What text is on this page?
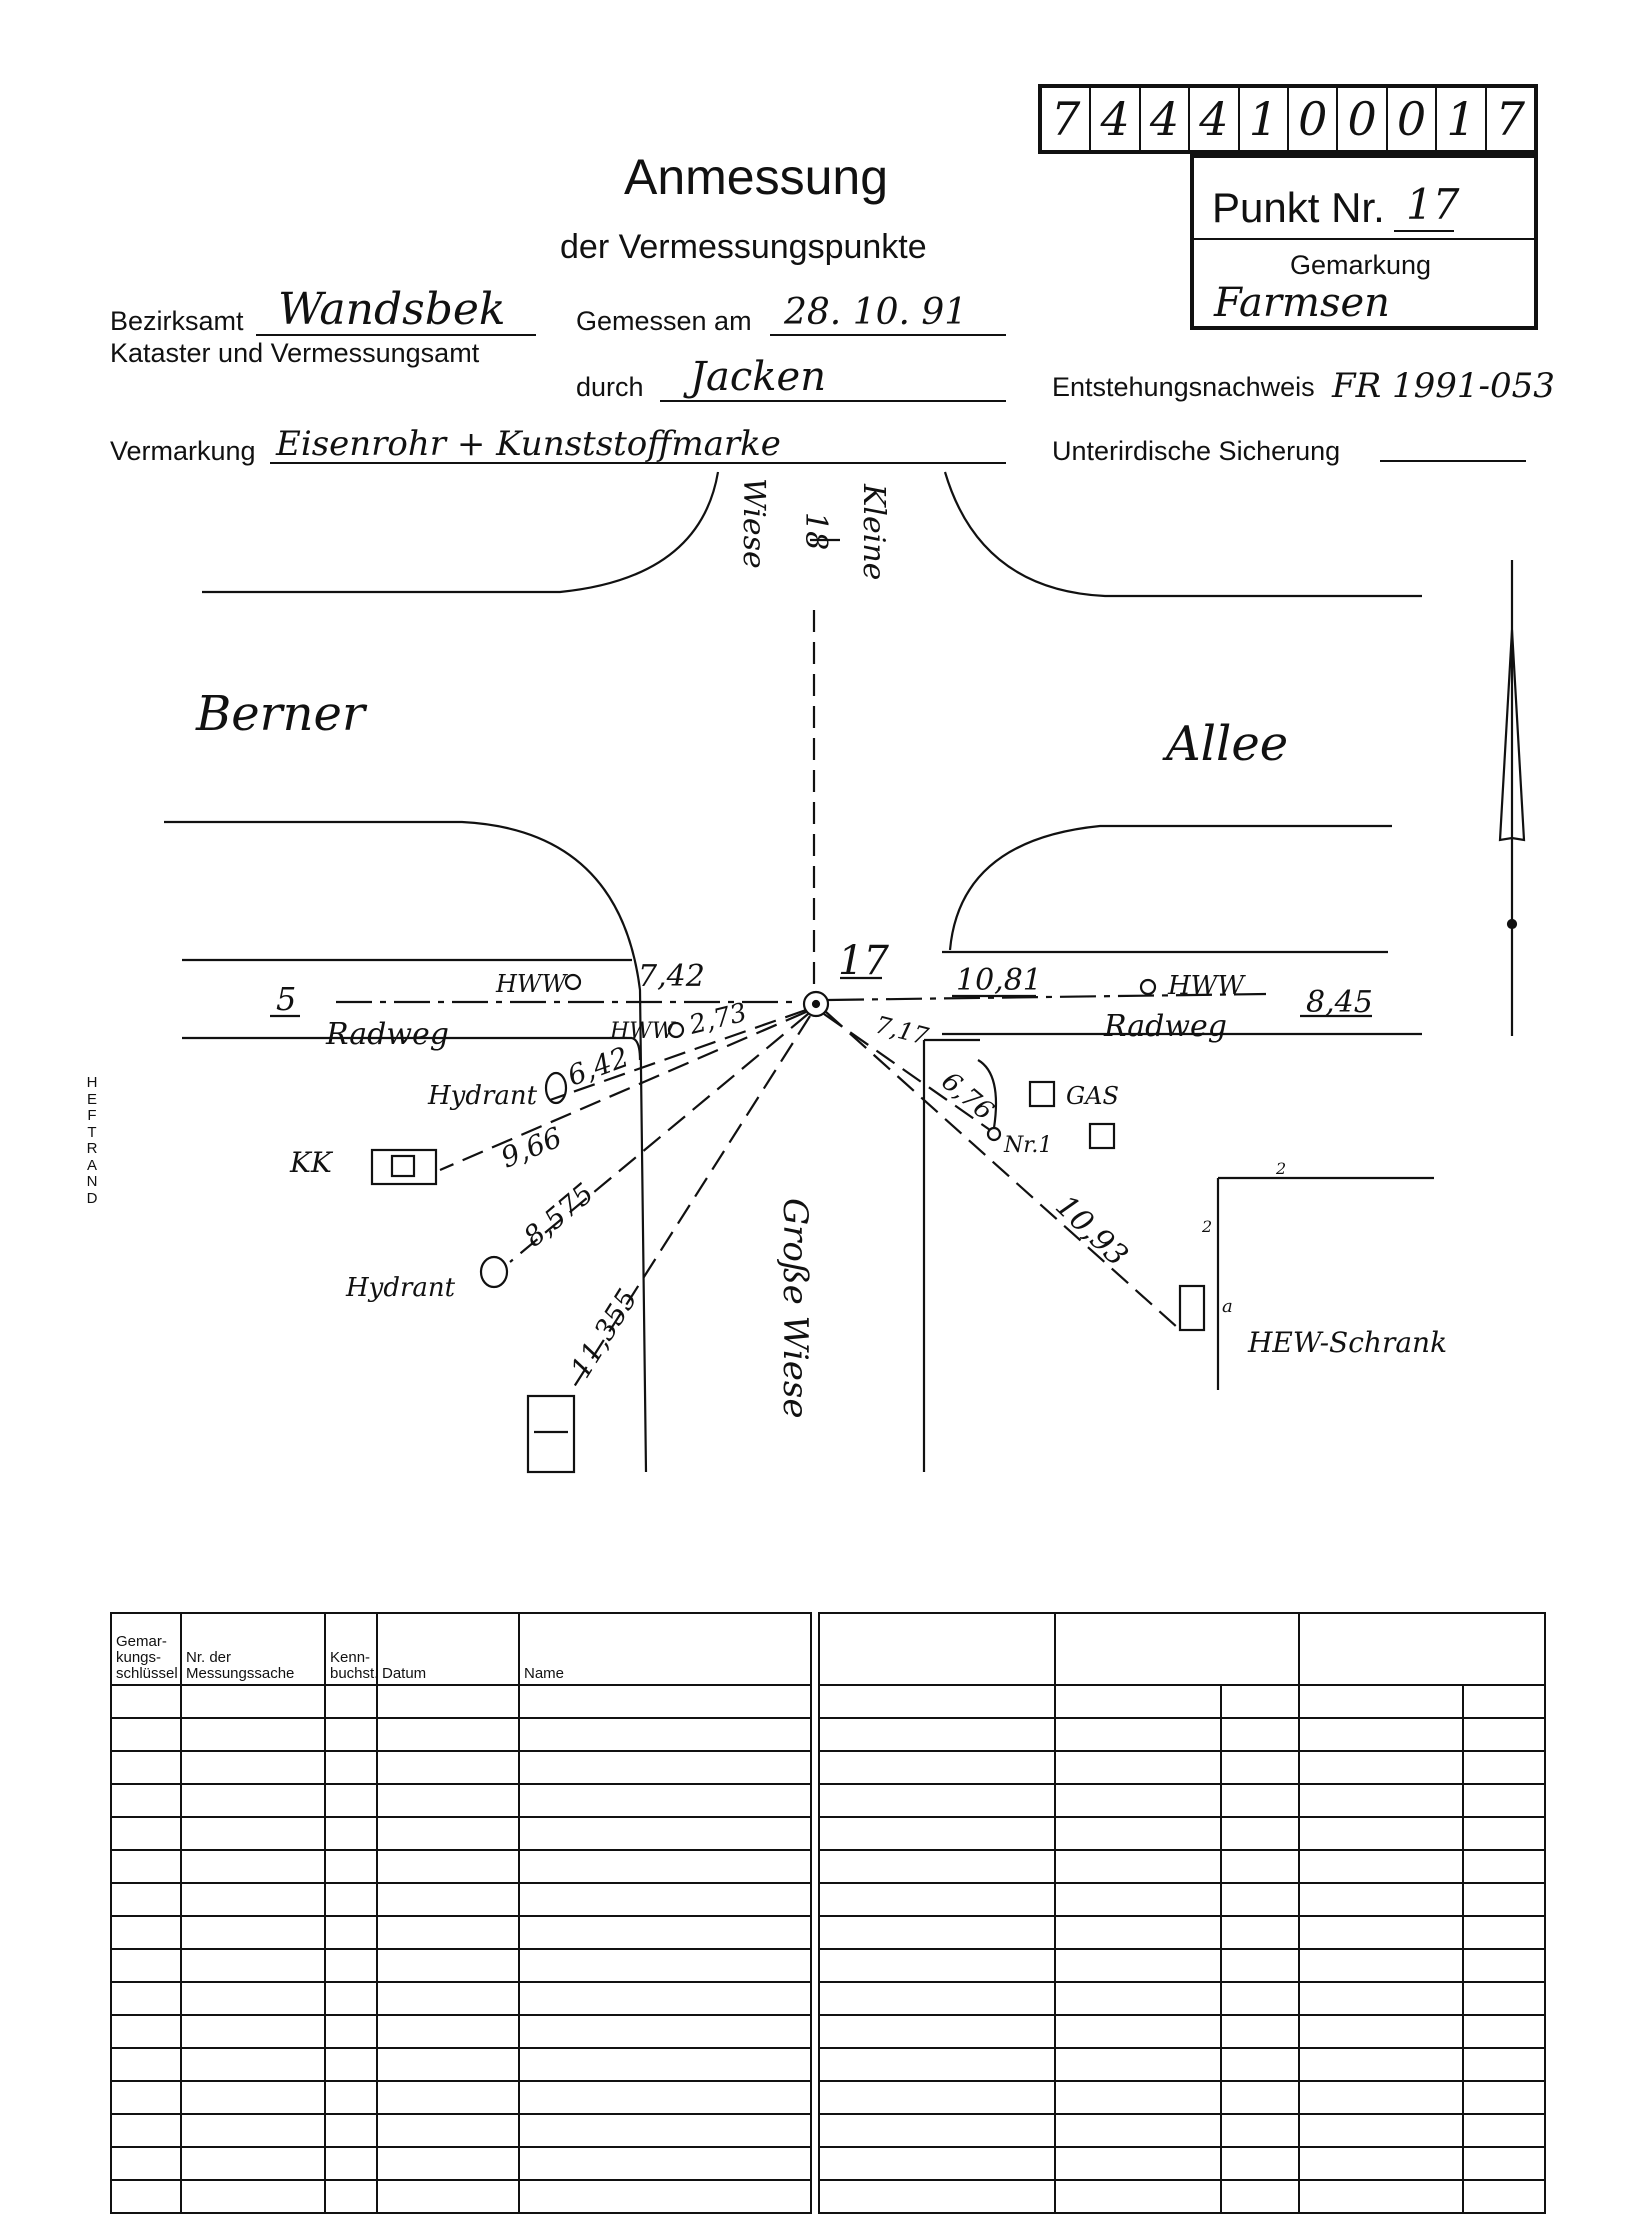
Anmessung
der Vermessungspunkte
7 4 4 4 1 0 0 0 1 7
Punkt Nr. 17
Gemarkung
Farmsen
Bezirksamt Wandsbek
Kataster und Vermessungsamt
Gemessen am 28. 10. 91
durch Jacken	Entstehungsnachweis FR 1991-053
Vermarkung Eisenrohr + Kunststoffmarke	Unterirdische Sicherung
H
E
F
T
R
A
N
D
Berner
Allee
Wiese	Kleine
18
Große Wiese
17
Radweg	Radweg
HWW
HWW
HWW
Hydrant
Hydrant
KK
GAS
Nr.1
HEW-Schrank
5
7,42
2,73
6,42
9,66
8,575
11,355
10,81
8,45
7,17
6,76
10,93
2
2
a
Gemar-kungs-schlüssel	Nr. der Messungssache	Kenn-buchst.	Datum	Name
